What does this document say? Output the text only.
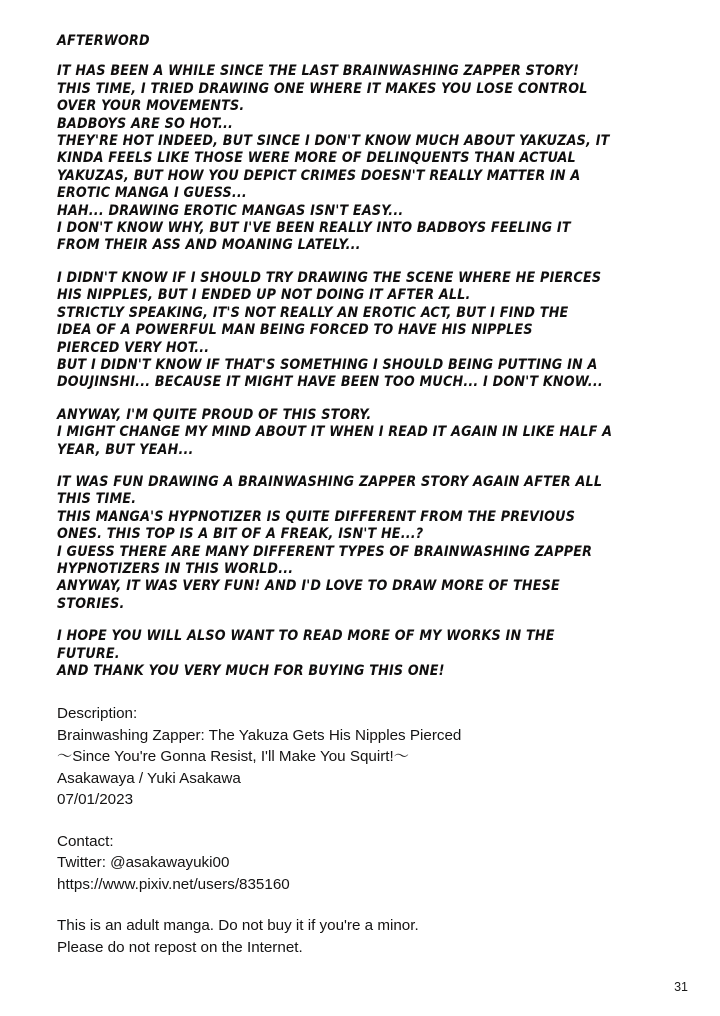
AFTERWORD
IT HAS BEEN A WHILE SINCE THE LAST BRAINWASHING ZAPPER STORY!
THIS TIME, I TRIED DRAWING ONE WHERE IT MAKES YOU LOSE CONTROL
OVER YOUR MOVEMENTS.
BADBOYS ARE SO HOT...
THEY'RE HOT INDEED, BUT SINCE I DON'T KNOW MUCH ABOUT YAKUZAS, IT
KINDA FEELS LIKE THOSE WERE MORE OF DELINQUENTS THAN ACTUAL
YAKUZAS, BUT HOW YOU DEPICT CRIMES DOESN'T REALLY MATTER IN A
EROTIC MANGA I GUESS...
HAH... DRAWING EROTIC MANGAS ISN'T EASY...
I DON'T KNOW WHY, BUT I'VE BEEN REALLY INTO BADBOYS FEELING IT
FROM THEIR ASS AND MOANING LATELY...
I DIDN'T KNOW IF I SHOULD TRY DRAWING THE SCENE WHERE HE PIERCES
HIS NIPPLES, BUT I ENDED UP NOT DOING IT AFTER ALL.
STRICTLY SPEAKING, IT'S NOT REALLY AN EROTIC ACT, BUT I FIND THE
IDEA OF A POWERFUL MAN BEING FORCED TO HAVE HIS NIPPLES
PIERCED VERY HOT...
BUT I DIDN'T KNOW IF THAT'S SOMETHING I SHOULD BEING PUTTING IN A
DOUJINSHI... BECAUSE IT MIGHT HAVE BEEN TOO MUCH... I DON'T KNOW...
ANYWAY, I'M QUITE PROUD OF THIS STORY.
I MIGHT CHANGE MY MIND ABOUT IT WHEN I READ IT AGAIN IN LIKE HALF A
YEAR, BUT YEAH...
IT WAS FUN DRAWING A BRAINWASHING ZAPPER STORY AGAIN AFTER ALL
THIS TIME.
THIS MANGA'S HYPNOTIZER IS QUITE DIFFERENT FROM THE PREVIOUS
ONES. THIS TOP IS A BIT OF A FREAK, ISN'T HE...?
I GUESS THERE ARE MANY DIFFERENT TYPES OF BRAINWASHING ZAPPER
HYPNOTIZERS IN THIS WORLD...
ANYWAY, IT WAS VERY FUN! AND I'D LOVE TO DRAW MORE OF THESE
STORIES.
I HOPE YOU WILL ALSO WANT TO READ MORE OF MY WORKS IN THE
FUTURE.
AND THANK YOU VERY MUCH FOR BUYING THIS ONE!
Description:
Brainwashing Zapper: The Yakuza Gets His Nipples Pierced
〜Since You're Gonna Resist, I'll Make You Squirt!〜
Asakawaya / Yuki Asakawa
07/01/2023
Contact:
Twitter: @asakawayuki00
https://www.pixiv.net/users/835160
This is an adult manga. Do not buy it if you're a minor.
Please do not repost on the Internet.
31
